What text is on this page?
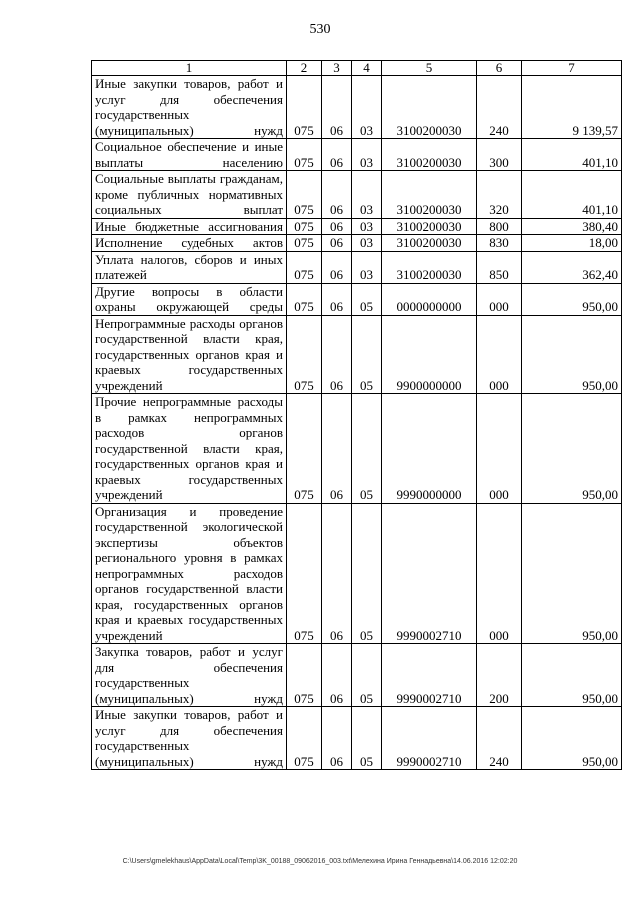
530
1	2	3	4	5	6	7
Иные закупки товаров, работ и услуг для обеспечения государственных (муниципальных) нужд	075	06	03	3100200030	240	9 139,57
Социальное обеспечение и иные выплаты населению	075	06	03	3100200030	300	401,10
Социальные выплаты гражданам, кроме публичных нормативных социальных выплат	075	06	03	3100200030	320	401,10
Иные бюджетные ассигнования	075	06	03	3100200030	800	380,40
Исполнение судебных актов	075	06	03	3100200030	830	18,00
Уплата налогов, сборов и иных платежей	075	06	03	3100200030	850	362,40
Другие вопросы в области охраны окружающей среды	075	06	05	0000000000	000	950,00
Непрограммные расходы органов государственной власти края, государственных органов края и краевых государственных учреждений	075	06	05	9900000000	000	950,00
Прочие непрограммные расходы в рамках непрограммных расходов органов государственной власти края, государственных органов края и краевых государственных учреждений	075	06	05	9990000000	000	950,00
Организация и проведение государственной экологической экспертизы объектов регионального уровня в рамках непрограммных расходов органов государственной власти края, государственных органов края и краевых государственных учреждений	075	06	05	9990002710	000	950,00
Закупка товаров, работ и услуг для обеспечения государственных (муниципальных) нужд	075	06	05	9990002710	200	950,00
Иные закупки товаров, работ и услуг для обеспечения государственных (муниципальных) нужд	075	06	05	9990002710	240	950,00
C:\Users\gmelekhaus\AppData\Local\Temp\3K_00188_09062016_003.txt\Мелехина Ирина Геннадьевна\14.06.2016 12:02:20
